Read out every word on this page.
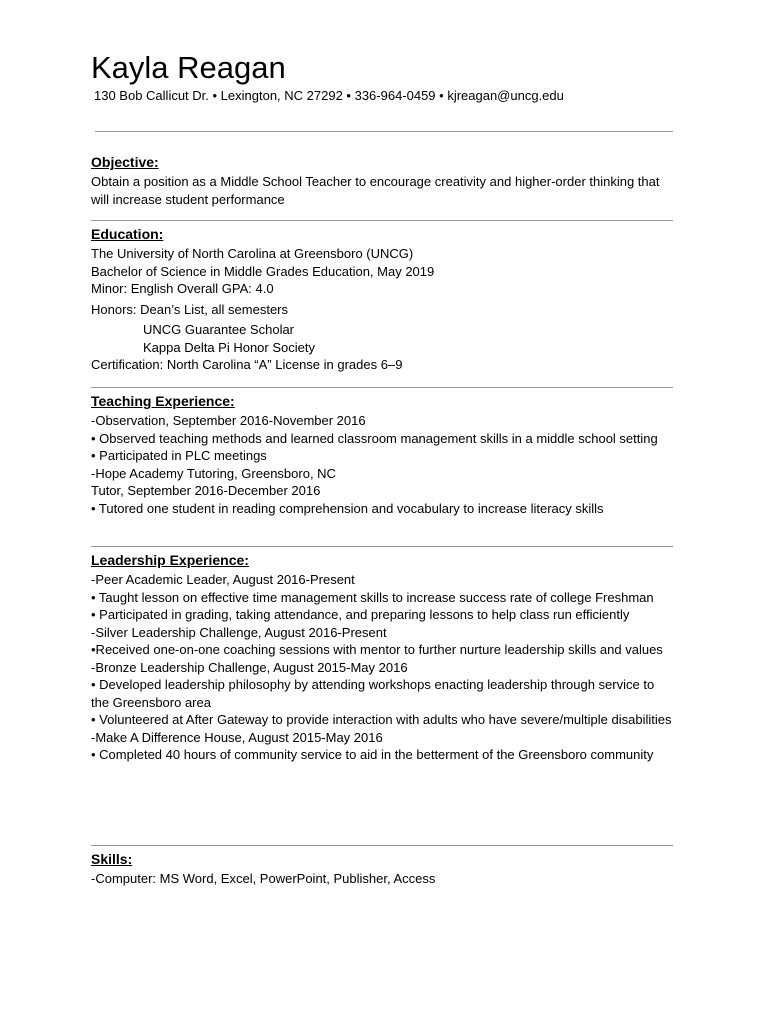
Kayla Reagan
130 Bob Callicut Dr. • Lexington, NC 27292 • 336-964-0459 • kjreagan@uncg.edu
Objective:

Obtain a position as a Middle School Teacher to encourage creativity and higher-order thinking that will increase student performance

Education:

The University of North Carolina at Greensboro (UNCG)

Bachelor of Science in Middle Grades Education, May 2019

Minor: English Overall GPA: 4.0

Honors: Dean’s List, all semesters

UNCG Guarantee Scholar

Kappa Delta Pi Honor Society

Certification: North Carolina “A” License in grades 6–9

Teaching Experience:

-Observation, September 2016-November 2016

• Observed teaching methods and learned classroom management skills in a middle school setting

• Participated in PLC meetings

-Hope Academy Tutoring, Greensboro, NC

Tutor, September 2016-December 2016

• Tutored one student in reading comprehension and vocabulary to increase literacy skills

Leadership Experience:

-Peer Academic Leader, August 2016-Present

• Taught lesson on effective time management skills to increase success rate of college Freshman

• Participated in grading, taking attendance, and preparing lessons to help class run efficiently

-Silver Leadership Challenge, August 2016-Present

•Received one-on-one coaching sessions with mentor to further nurture leadership skills and values

-Bronze Leadership Challenge, August 2015-May 2016

• Developed leadership philosophy by attending workshops enacting leadership through service to the Greensboro area

• Volunteered at After Gateway to provide interaction with adults who have severe/multiple disabilities

-Make A Difference House, August 2015-May 2016

• Completed 40 hours of community service to aid in the betterment of the Greensboro community

Skills:

-Computer: MS Word, Excel, PowerPoint, Publisher, Access
